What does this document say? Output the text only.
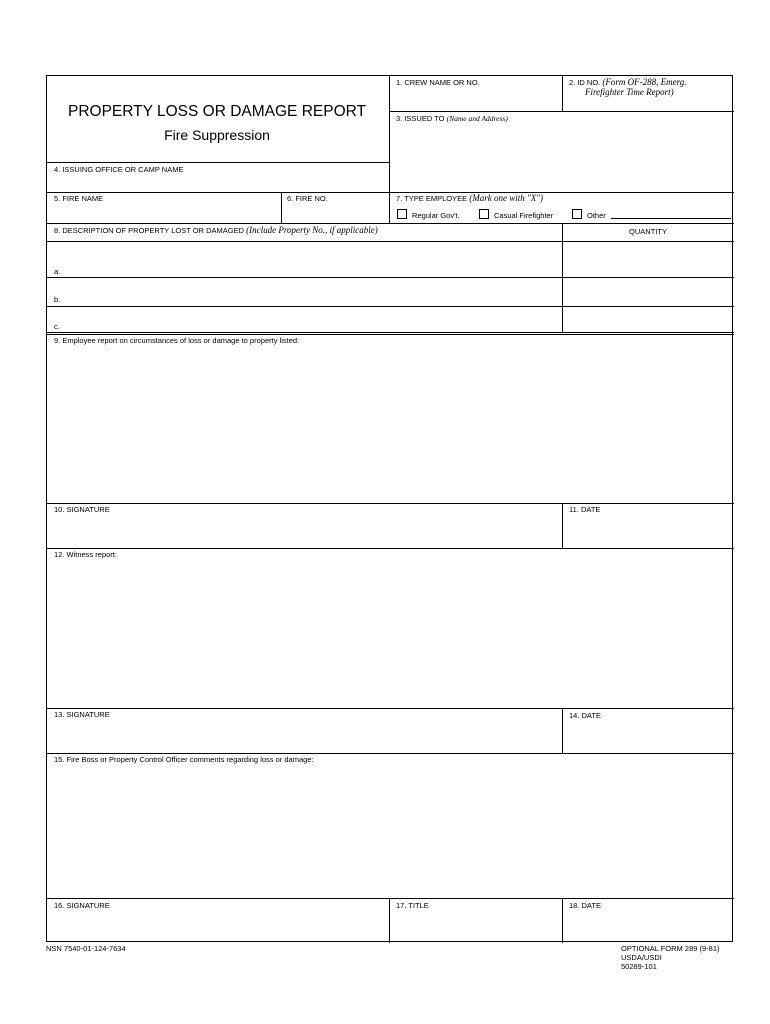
PROPERTY LOSS OR DAMAGE REPORT
Fire Suppression
1. CREW NAME OR NO.	2. ID NO. (Form OF-288, Emerg.
Firefighter Time Report)
3. ISSUED TO (Name and Address)
4. ISSUING OFFICE OR CAMP NAME
5. FIRE NAME	6. FIRE NO.	7. TYPE EMPLOYEE (Mark one with "X")
Regular Gov't.	Casual Firefighter	Other
8. DESCRIPTION OF PROPERTY LOST OR DAMAGED (Include Property No., if applicable)	QUANTITY
a.
b.
c.
9. Employee report on circumstances of loss or damage to property listed:
10. SIGNATURE	11. DATE
12. Witness report:
13. SIGNATURE	14. DATE
15. Fire Boss or Property Control Officer comments regarding loss or damage:
16. SIGNATURE	17. TITLE	18. DATE
NSN 7540-01-124-7634	OPTIONAL FORM 289 (9-81)
USDA/USDI
50289-101
